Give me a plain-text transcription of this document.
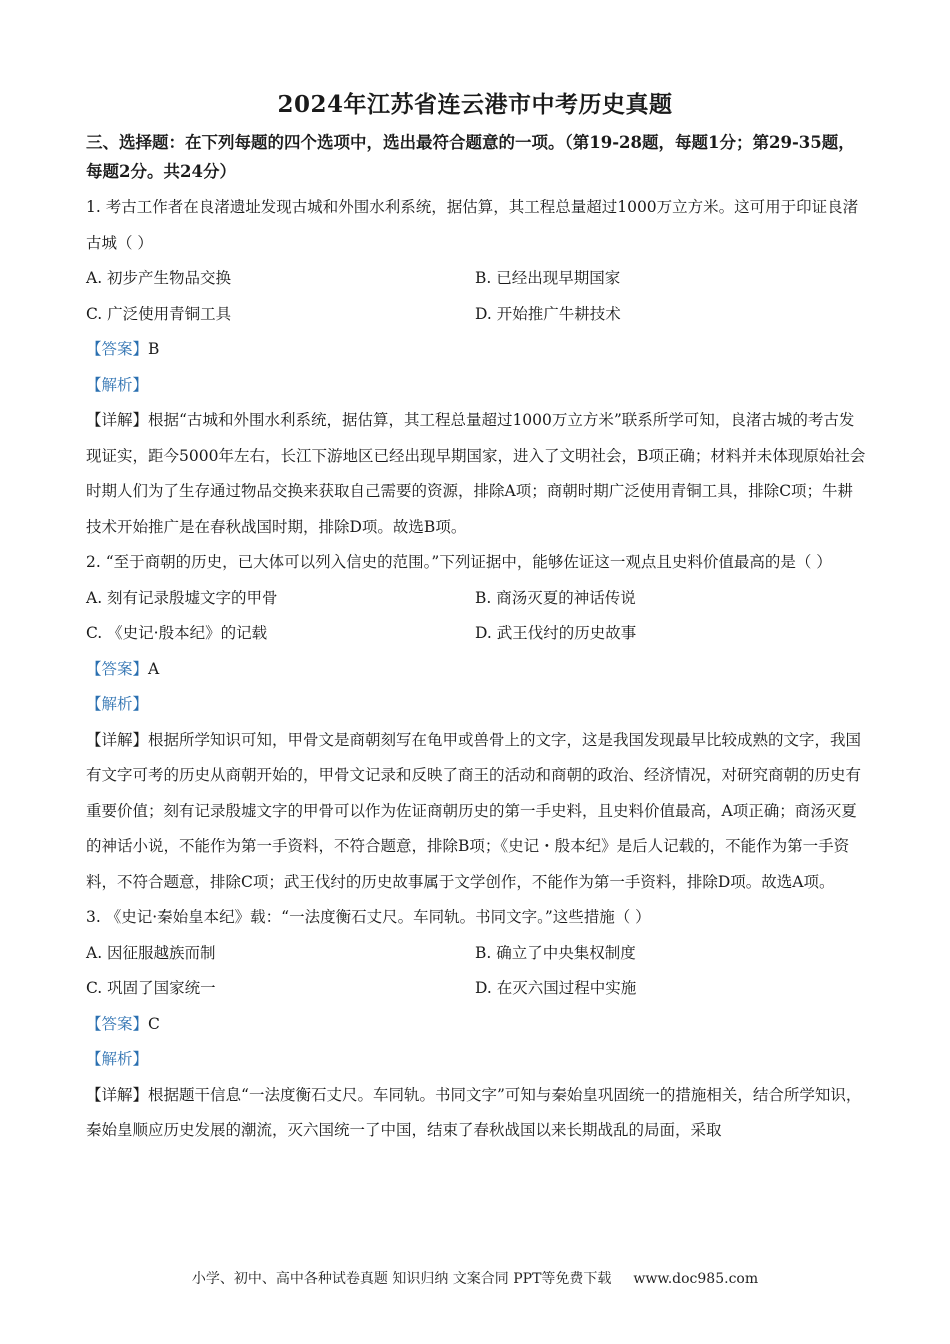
2024年江苏省连云港市中考历史真题
三、选择题：在下列每题的四个选项中，选出最符合题意的一项。（第19-28题，每题1分；第29-35题，每题2分。共24分）

1. 考古工作者在良渚遗址发现古城和外围水利系统，据估算，其工程总量超过1000万立方米。这可用于印证良渚古城（ ）

A. 初步产生物品交换	B. 已经出现早期国家
C. 广泛使用青铜工具	D. 开始推广牛耕技术

【答案】B

【解析】

【详解】根据“古城和外围水利系统，据估算，其工程总量超过1000万立方米”联系所学可知，良渚古城的考古发现证实，距今5000年左右，长江下游地区已经出现早期国家，进入了文明社会，B项正确；材料并未体现原始社会时期人们为了生存通过物品交换来获取自己需要的资源，排除A项；商朝时期广泛使用青铜工具，排除C项；牛耕技术开始推广是在春秋战国时期，排除D项。故选B项。

2. “至于商朝的历史，已大体可以列入信史的范围。”下列证据中，能够佐证这一观点且史料价值最高的是（ ）

A. 刻有记录殷墟文字的甲骨	B. 商汤灭夏的神话传说
C. 《史记·殷本纪》的记载	D. 武王伐纣的历史故事

【答案】A

【解析】

【详解】根据所学知识可知，甲骨文是商朝刻写在龟甲或兽骨上的文字，这是我国发现最早比较成熟的文字，我国有文字可考的历史从商朝开始的，甲骨文记录和反映了商王的活动和商朝的政治、经济情况，对研究商朝的历史有重要价值；刻有记录殷墟文字的甲骨可以作为佐证商朝历史的第一手史料，且史料价值最高，A项正确；商汤灭夏的神话小说，不能作为第一手资料，不符合题意，排除B项；《史记・殷本纪》是后人记载的，不能作为第一手资料，不符合题意，排除C项；武王伐纣的历史故事属于文学创作，不能作为第一手资料，排除D项。故选A项。

3. 《史记·秦始皇本纪》载：“一法度衡石丈尺。车同轨。书同文字。”这些措施（ ）

A. 因征服越族而制	B. 确立了中央集权制度
C. 巩固了国家统一	D. 在灭六国过程中实施

【答案】C

【解析】

【详解】根据题干信息“一法度衡石丈尺。车同轨。书同文字”可知与秦始皇巩固统一的措施相关，结合所学知识，秦始皇顺应历史发展的潮流，灭六国统一了中国，结束了春秋战国以来长期战乱的局面，采取

小学、初中、高中各种试卷真题 知识归纳 文案合同 PPT等免费下载 www.doc985.com
